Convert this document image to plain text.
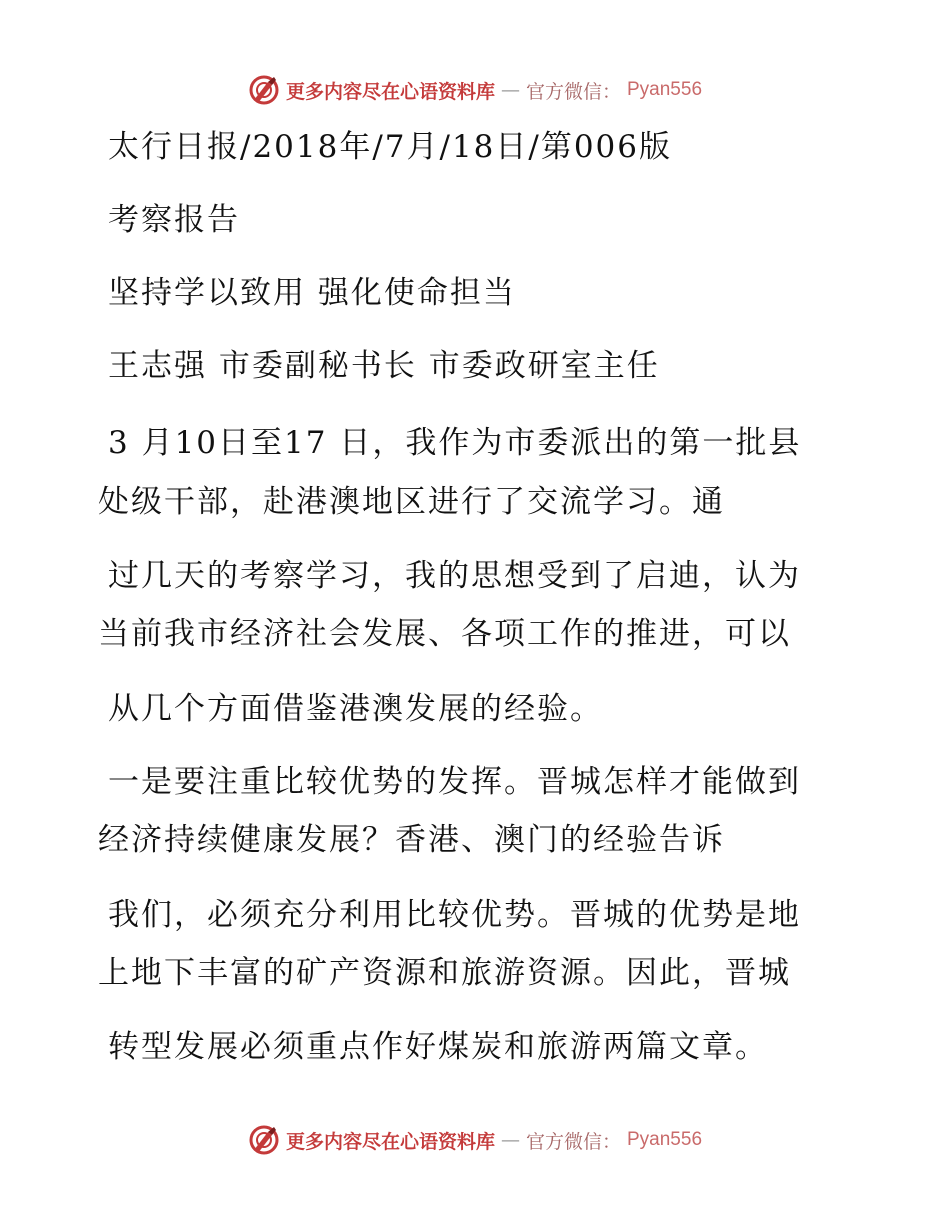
更多内容尽在心语资料库 — 官方微信： Pyan556
太行日报/2018年/7月/18日/第006版
考察报告
坚持学以致用 强化使命担当
王志强 市委副秘书长 市委政研室主任
3 月10日至17 日，我作为市委派出的第一批县
处级干部，赴港澳地区进行了交流学习。通
过几天的考察学习，我的思想受到了启迪，认为
当前我市经济社会发展、各项工作的推进，可以
从几个方面借鉴港澳发展的经验。
一是要注重比较优势的发挥。晋城怎样才能做到
经济持续健康发展？香港、澳门的经验告诉
我们，必须充分利用比较优势。晋城的优势是地
上地下丰富的矿产资源和旅游资源。因此，晋城
转型发展必须重点作好煤炭和旅游两篇文章。
更多内容尽在心语资料库 — 官方微信： Pyan556
